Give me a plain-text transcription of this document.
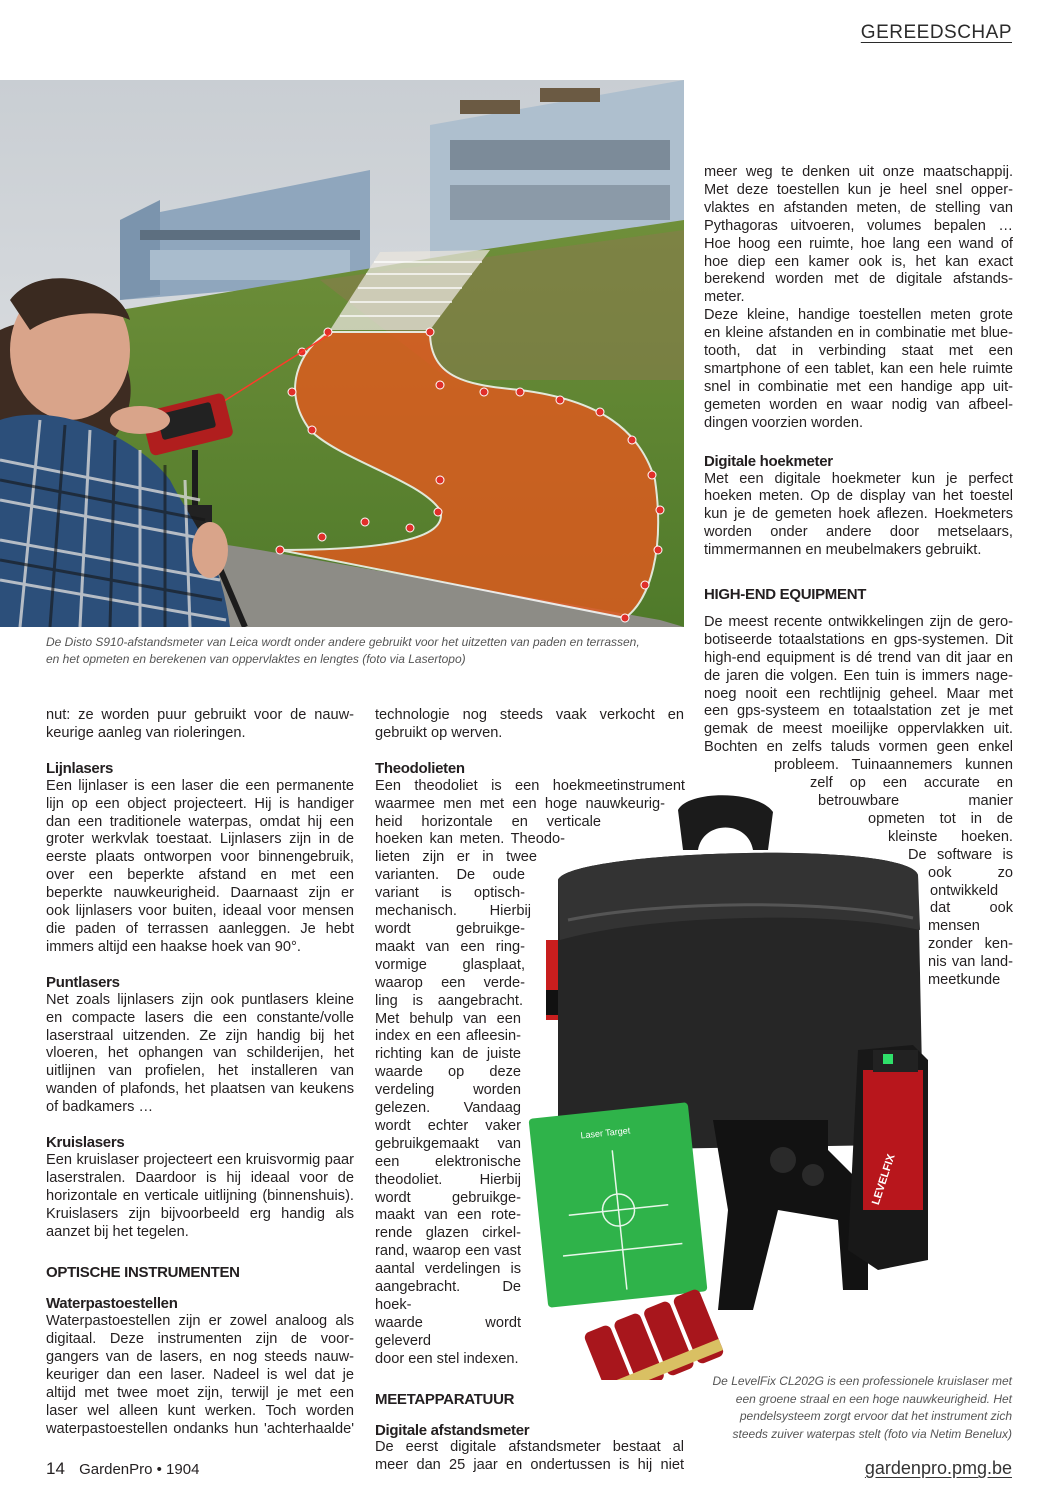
GEREEDSCHAP
De Disto S910-afstandsmeter van Leica wordt onder andere gebruikt voor het uitzetten van paden en terrassen,
en het opmeten en berekenen van oppervlaktes en lengtes (foto via Lasertopo)
meer weg te denken uit onze maatschappij.
Met deze toestellen kun je heel snel opper-
vlaktes en afstanden meten, de stelling van
Pythagoras uitvoeren, volumes bepalen …
Hoe hoog een ruimte, hoe lang een wand of
hoe diep een kamer ook is, het kan exact
berekend worden met de digitale afstands-
meter.
Deze kleine, handige toestellen meten grote
en kleine afstanden en in combinatie met blue-
tooth, dat in verbinding staat met een
smartphone of een tablet, kan een hele ruimte
snel in combinatie met een handige app uit-
gemeten worden en waar nodig van afbeel-
dingen voorzien worden.
Digitale hoekmeter
Met een digitale hoekmeter kun je perfect
hoeken meten. Op de display van het toestel
kun je de gemeten hoek aflezen. Hoekmeters
worden onder andere door metselaars,
timmermannen en meubelmakers gebruikt.
HIGH-END EQUIPMENT
De meest recente ontwikkelingen zijn de gero-
botiseerde totaalstations en gps-systemen. Dit
high-end equipment is dé trend van dit jaar en
de jaren die volgen. Een tuin is immers nage-
noeg nooit een rechtlijnig geheel. Maar met
een gps-systeem en totaalstation zet je met
gemak de meest moeilijke oppervlakken uit.
Bochten en zelfs taluds vormen geen enkel
probleem. Tuinaannemers kunnen
zelf op een accurate en
betrouwbare manier
opmeten tot in de
kleinste hoeken.
De software is
ook zo
ontwikkeld
dat ook
mensen
zonder ken-
nis van land-
meetkunde
nut: ze worden puur gebruikt voor de nauw-
keurige aanleg van rioleringen.
Lijnlasers
Een lijnlaser is een laser die een permanente
lijn op een object projecteert. Hij is handiger
dan een traditionele waterpas, omdat hij een
groter werkvlak toestaat. Lijnlasers zijn in de
eerste plaats ontworpen voor binnengebruik,
over een beperkte afstand en met een
beperkte nauwkeurigheid. Daarnaast zijn er
ook lijnlasers voor buiten, ideaal voor mensen
die paden of terrassen aanleggen. Je hebt
immers altijd een haakse hoek van 90°.
Puntlasers
Net zoals lijnlasers zijn ook puntlasers kleine
en compacte lasers die een constante/volle
laserstraal uitzenden. Ze zijn handig bij het
vloeren, het ophangen van schilderijen, het
uitlijnen van profielen, het installeren van
wanden of plafonds, het plaatsen van keukens
of badkamers …
Kruislasers
Een kruislaser projecteert een kruisvormig paar
laserstralen. Daardoor is hij ideaal voor de
horizontale en verticale uitlijning (binnenshuis).
Kruislasers zijn bijvoorbeeld erg handig als
aanzet bij het tegelen.
OPTISCHE INSTRUMENTEN
Waterpastoestellen
Waterpastoestellen zijn er zowel analoog als
digitaal. Deze instrumenten zijn de voor-
gangers van de lasers, en nog steeds nauw-
keuriger dan een laser. Nadeel is wel dat je
altijd met twee moet zijn, terwijl je met een
laser wel alleen kunt werken. Toch worden
waterpastoestellen ondanks hun 'achterhaalde'
technologie nog steeds vaak verkocht en
gebruikt op werven.
Theodolieten
Een theodoliet is een hoekmeetinstrument
waarmee men met een hoge nauwkeurig-
heid horizontale en verticale
hoeken kan meten. Theodo-
lieten zijn er in twee
varianten. De oude
variant is optisch-
mechanisch. Hierbij
wordt gebruikge-
maakt van een ring-
vormige glasplaat,
waarop een verde-
ling is aangebracht.
Met behulp van een
index en een afleesin-
richting kan de juiste
waarde op deze
verdeling worden
gelezen. Vandaag
wordt echter vaker
gebruikgemaakt van
een elektronische
theodoliet. Hierbij
wordt gebruikge-
maakt van een rote-
rende glazen cirkel-
rand, waarop een vast
aantal verdelingen is
aangebracht. De hoek-
waarde wordt geleverd
door een stel indexen.
MEETAPPARATUUR
Digitale afstandsmeter
De eerst digitale afstandsmeter bestaat al
meer dan 25 jaar en ondertussen is hij niet
Laser Target
LEVELFIX
De LevelFix CL202G is een professionele kruislaser met
een groene straal en een hoge nauwkeurigheid. Het
pendelsysteem zorgt ervoor dat het instrument zich
steeds zuiver waterpas stelt (foto via Netim Benelux)
14 GardenPro • 1904	gardenpro.pmg.be
